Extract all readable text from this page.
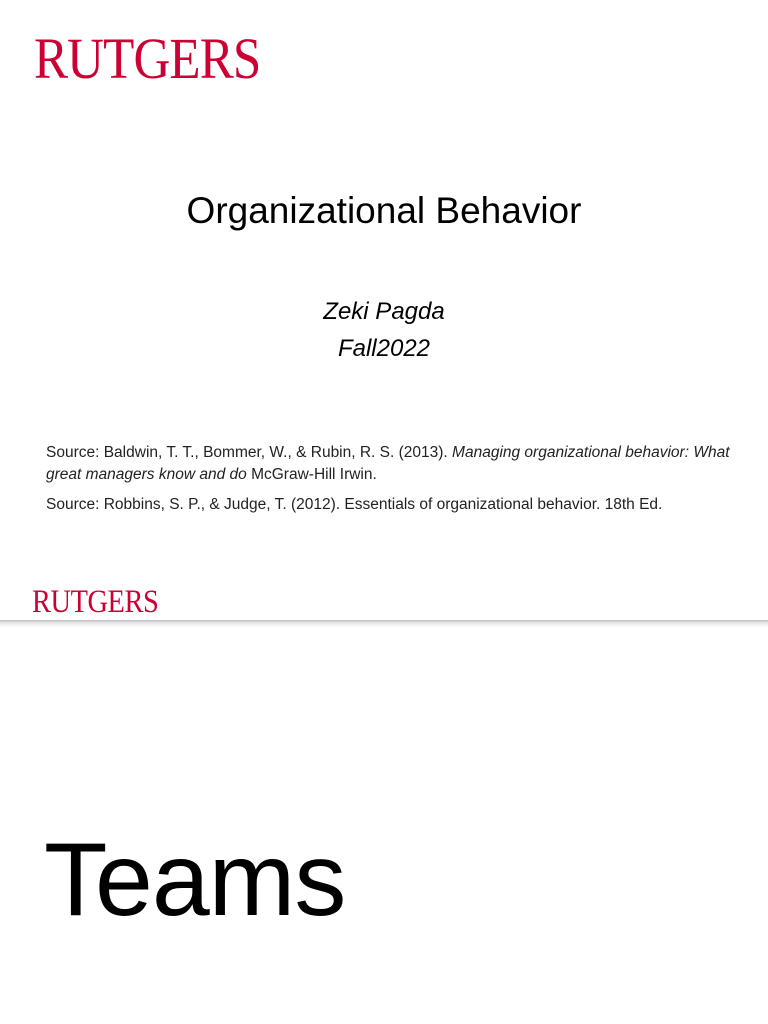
RUTGERS
Organizational Behavior
Zeki Pagda
Fall2022
Source: Baldwin, T. T., Bommer, W., & Rubin, R. S. (2013). Managing organizational behavior: What great managers know and do McGraw-Hill Irwin.
Source: Robbins, S. P., & Judge, T. (2012). Essentials of organizational behavior. 18th Ed.
RUTGERS
Teams
